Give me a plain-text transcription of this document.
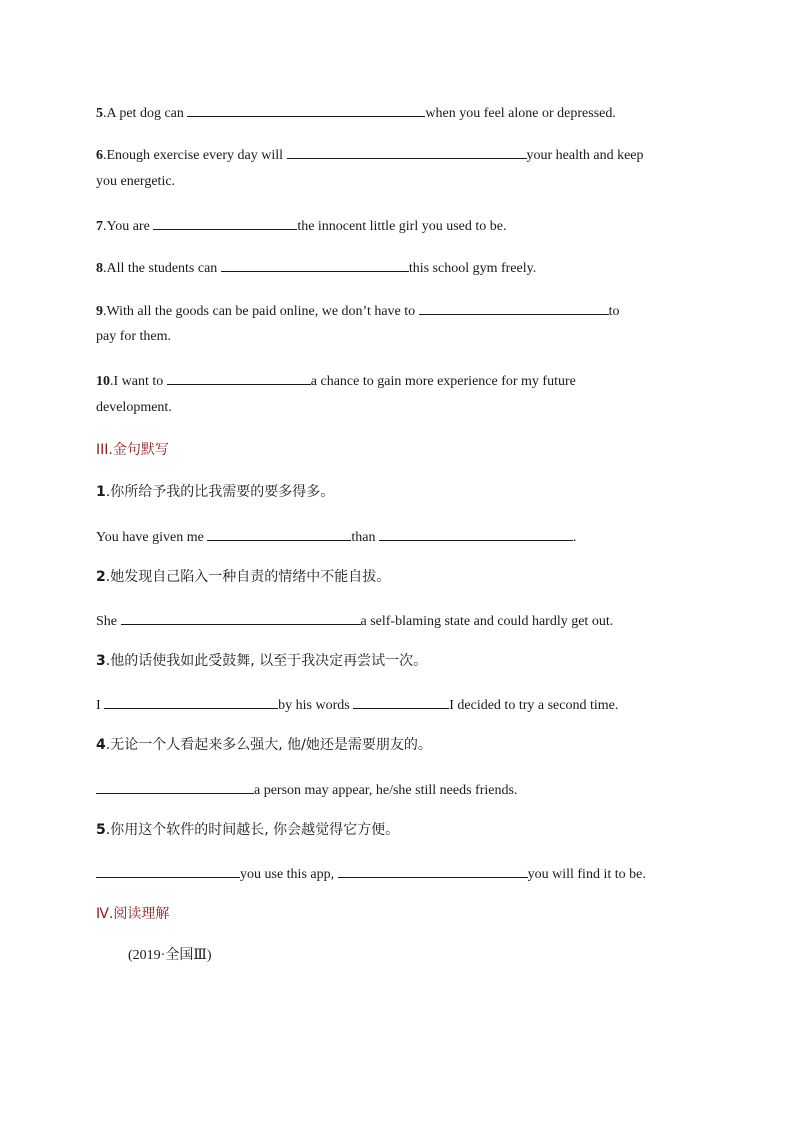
5.A pet dog can	when you feel alone or depressed.
6.Enough exercise every day will	your health and keep
you energetic.
7.You are	the innocent little girl you used to be.
8.All the students can	this school gym freely.
9.With all the goods can be paid online, we don’t have to	to
pay for them.
10.I want to	a chance to gain more experience for my future
development.
III.金句默写
1.你所给予我的比我需要的要多得多。
You have given me	than	.
2.她发现自己陷入一种自责的情绪中不能自拔。
She	a self-blaming state and could hardly get out.
3.他的话使我如此受鼓舞, 以至于我决定再尝试一次。
I	by his words	I decided to try a second time.
4.无论一个人看起来多么强大, 他/她还是需要朋友的。
a person may appear, he/she still needs friends.
5.你用这个软件的时间越长, 你会越觉得它方便。
you use this app,	you will find it to be.
Ⅳ.阅读理解
(2019·全国Ⅲ)
